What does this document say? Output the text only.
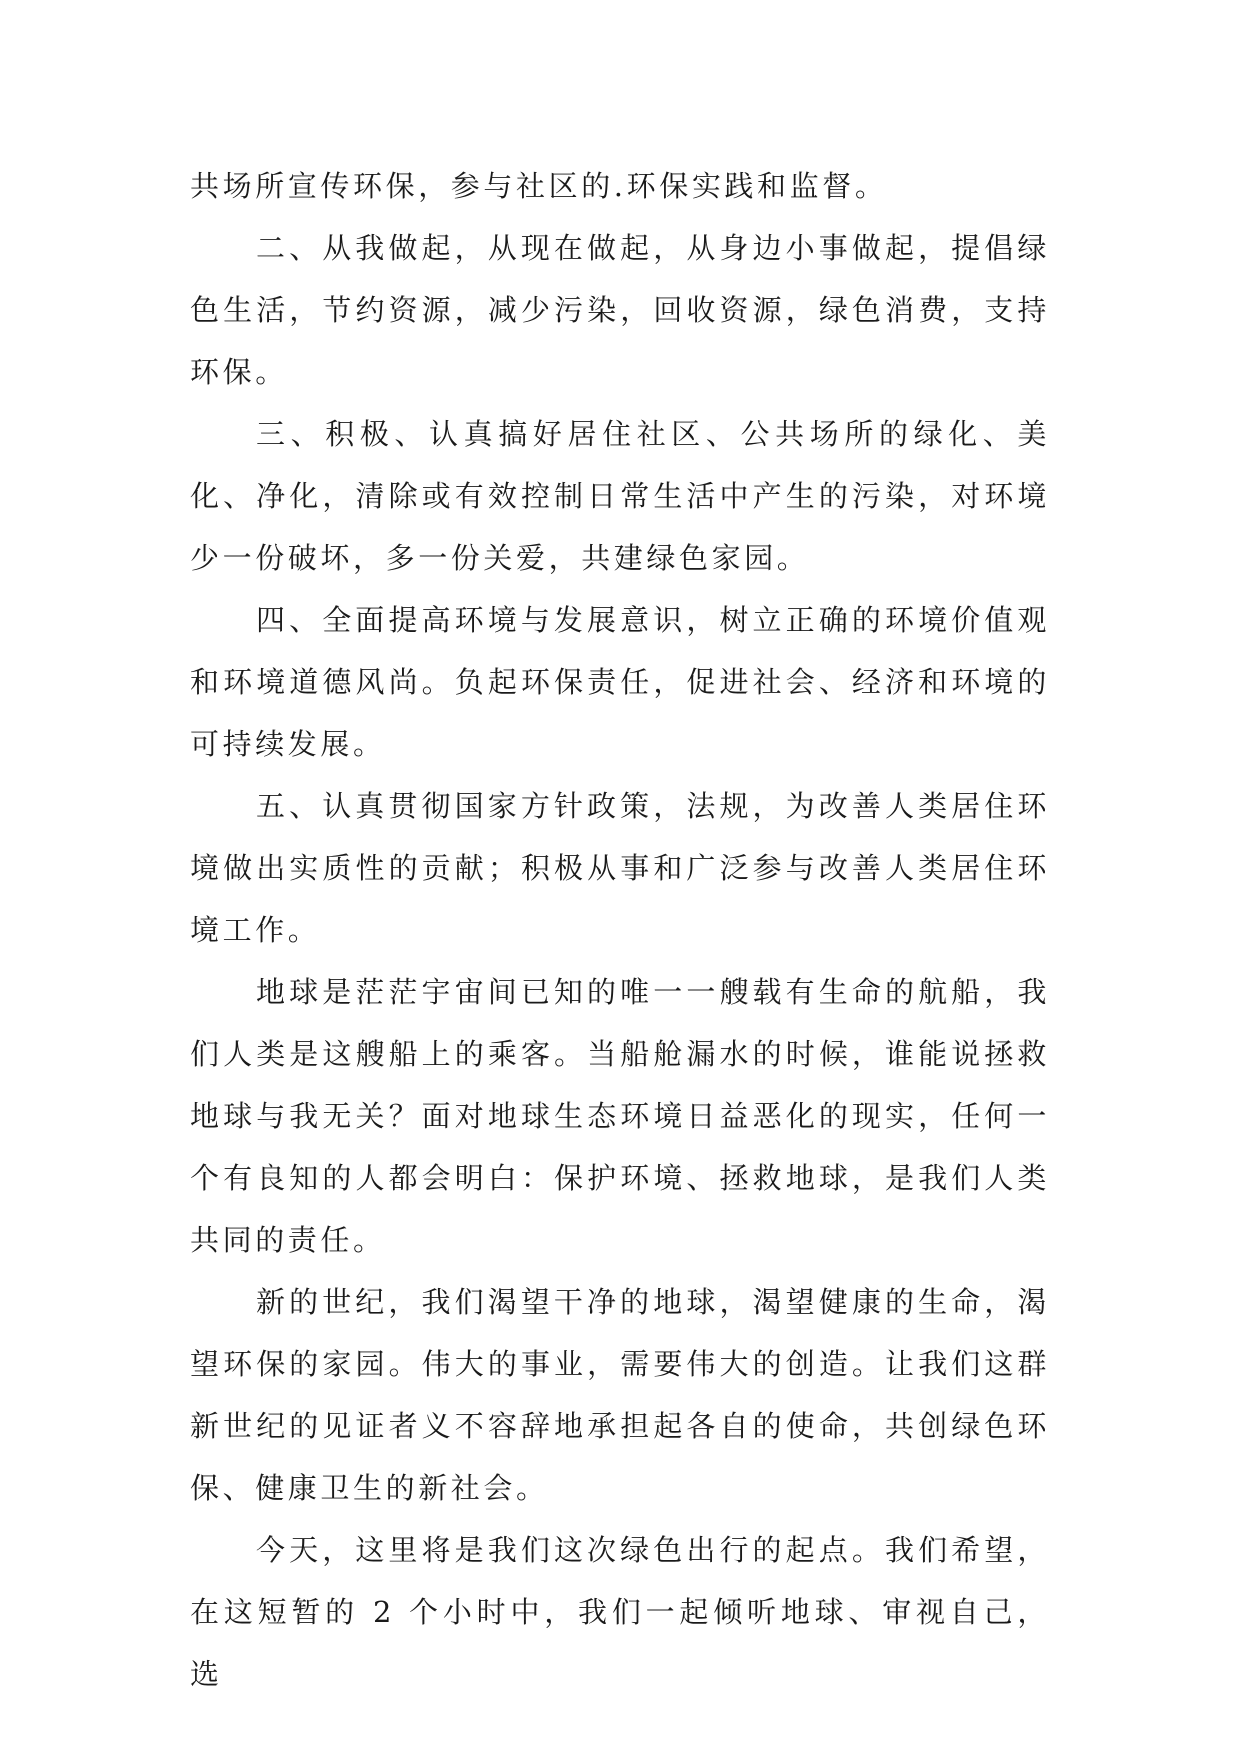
共场所宣传环保，参与社区的.环保实践和监督。

二、从我做起，从现在做起，从身边小事做起，提倡绿色生活，节约资源，减少污染，回收资源，绿色消费，支持环保。

三、积极、认真搞好居住社区、公共场所的绿化、美化、净化，清除或有效控制日常生活中产生的污染，对环境少一份破坏，多一份关爱，共建绿色家园。

四、全面提高环境与发展意识，树立正确的环境价值观和环境道德风尚。负起环保责任，促进社会、经济和环境的可持续发展。

五、认真贯彻国家方针政策，法规，为改善人类居住环境做出实质性的贡献；积极从事和广泛参与改善人类居住环境工作。

地球是茫茫宇宙间已知的唯一一艘载有生命的航船，我们人类是这艘船上的乘客。当船舱漏水的时候，谁能说拯救地球与我无关？面对地球生态环境日益恶化的现实，任何一个有良知的人都会明白：保护环境、拯救地球，是我们人类共同的责任。

新的世纪，我们渴望干净的地球，渴望健康的生命，渴望环保的家园。伟大的事业，需要伟大的创造。让我们这群新世纪的见证者义不容辞地承担起各自的使命，共创绿色环保、健康卫生的新社会。

今天，这里将是我们这次绿色出行的起点。我们希望，在这短暂的 2 个小时中，我们一起倾听地球、审视自己，选
